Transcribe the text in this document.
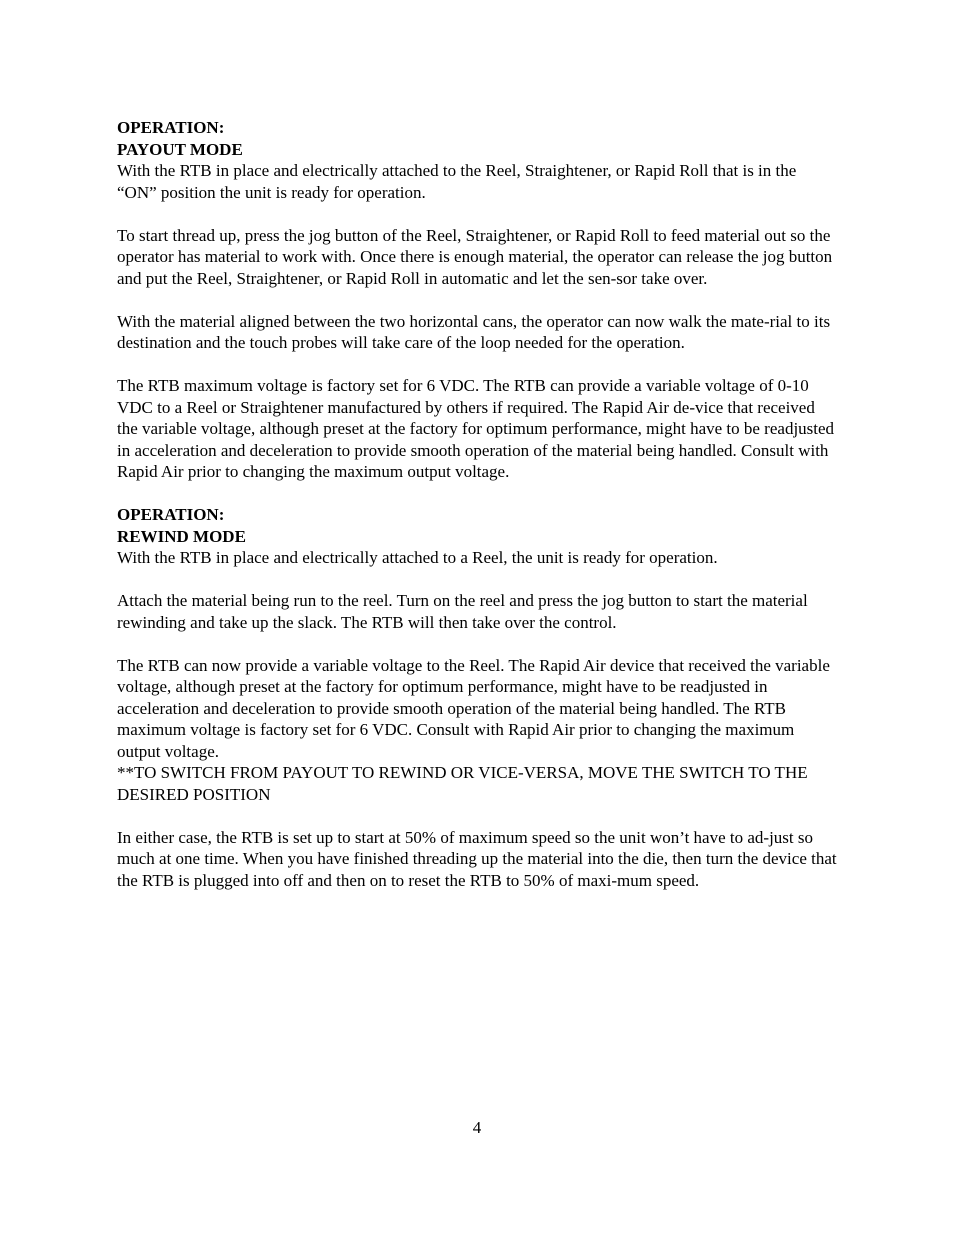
OPERATION:
PAYOUT MODE

With the RTB in place and electrically attached to the Reel, Straightener, or Rapid Roll that is in the “ON” position the unit is ready for operation.

To start thread up, press the jog button of the Reel, Straightener, or Rapid Roll to feed material out so the operator has material to work with. Once there is enough material, the operator can release the jog button and put the Reel, Straightener, or Rapid Roll in automatic and let the sen-sor take over.

With the material aligned between the two horizontal cans, the operator can now walk the mate-rial to its destination and the touch probes will take care of the loop needed for the operation.

The RTB maximum voltage is factory set for 6 VDC. The RTB can provide a variable voltage of 0-10 VDC to a Reel or Straightener manufactured by others if required. The Rapid Air de-vice that received the variable voltage, although preset at the factory for optimum performance, might have to be readjusted in acceleration and deceleration to provide smooth operation of the material being handled. Consult with Rapid Air prior to changing the maximum output voltage.

OPERATION:
REWIND MODE

With the RTB in place and electrically attached to a Reel, the unit is ready for operation.

Attach the material being run to the reel. Turn on the reel and press the jog button to start the material rewinding and take up the slack. The RTB will then take over the control.

The RTB can now provide a variable voltage to the Reel. The Rapid Air device that received the variable voltage, although preset at the factory for optimum performance, might have to be readjusted in acceleration and deceleration to provide smooth operation of the material being handled. The RTB maximum voltage is factory set for 6 VDC. Consult with Rapid Air prior to changing the maximum output voltage.

**TO SWITCH FROM PAYOUT TO REWIND OR VICE-VERSA, MOVE THE SWITCH TO THE DESIRED POSITION

In either case, the RTB is set up to start at 50% of maximum speed so the unit won’t have to ad-just so much at one time. When you have finished threading up the material into the die, then turn the device that the RTB is plugged into off and then on to reset the RTB to 50% of maxi-mum speed.

4
